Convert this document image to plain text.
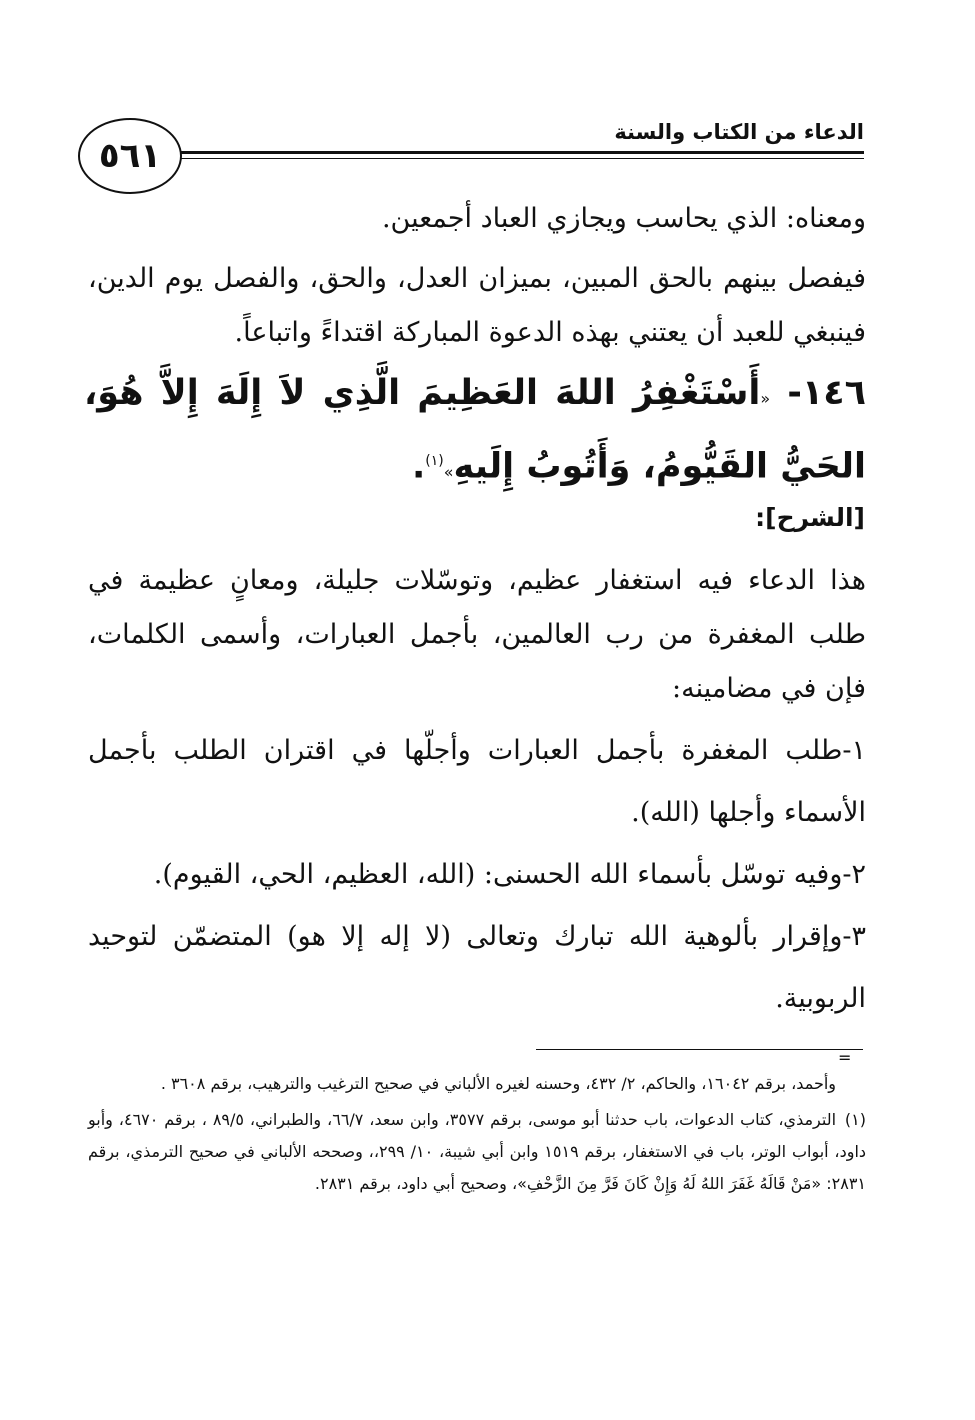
٥٦١
الدعاء من الكتاب والسنة

ومعناه: الذي يحاسب ويجازي العباد أجمعين.

فيفصل بينهم بالحق المبين، بميزان العدل، والحق، والفصل يوم الدين، فينبغي للعبد أن يعتني بهذه الدعوة المباركة اقتداءً واتباعاً.

١٤٦- «أَسْتَغْفِرُ اللهَ العَظِيمَ الَّذِي لاَ إِلَهَ إِلاَّ هُوَ، الحَيُّ القَيُّومُ، وَأَتُوبُ إِلَيهِ»$^{(١)}$.
[الشرح]:

هذا الدعاء فيه استغفار عظيم، وتوسّلات جليلة، ومعانٍ عظيمة في طلب المغفرة من رب العالمين، بأجمل العبارات، وأسمى الكلمات، فإن في مضامينه:

١-طلب المغفرة بأجمل العبارات وأجلّها في اقتران الطلب بأجمل الأسماء وأجلها (الله).

٢-وفيه توسّل بأسماء الله الحسنى: (الله، العظيم، الحي، القيوم).

٣-وإقرار بألوهية الله تبارك وتعالى (لا إله إلا هو) المتضمّن لتوحيد الربوبية.

=

وأحمد، برقم ١٦٠٤٢، والحاكم، ٢/ ٤٣٢، وحسنه لغيره الألباني في صحيح الترغيب والترهيب، برقم ٣٦٠٨ .

(١)الترمذي، كتاب الدعوات، باب حدثنا أبو موسى، برقم ٣٥٧٧، وابن سعد، ٦٦/٧، والطبراني، ٨٩/٥ ، برقم ٤٦٧٠، وأبو داود، أبواب الوتر، باب في الاستغفار، برقم ١٥١٩ وابن أبي شيبة، ١٠/ ٢٩٩،، وصححه الألباني في صحيح الترمذي، برقم ٢٨٣١: «مَنْ قَالَهُ غَفَرَ اللهُ لَهُ وَإِنْ كَانَ فَرَّ مِنَ الزَّحْفِ»، وصحيح أبي داود، برقم ٢٨٣١.
